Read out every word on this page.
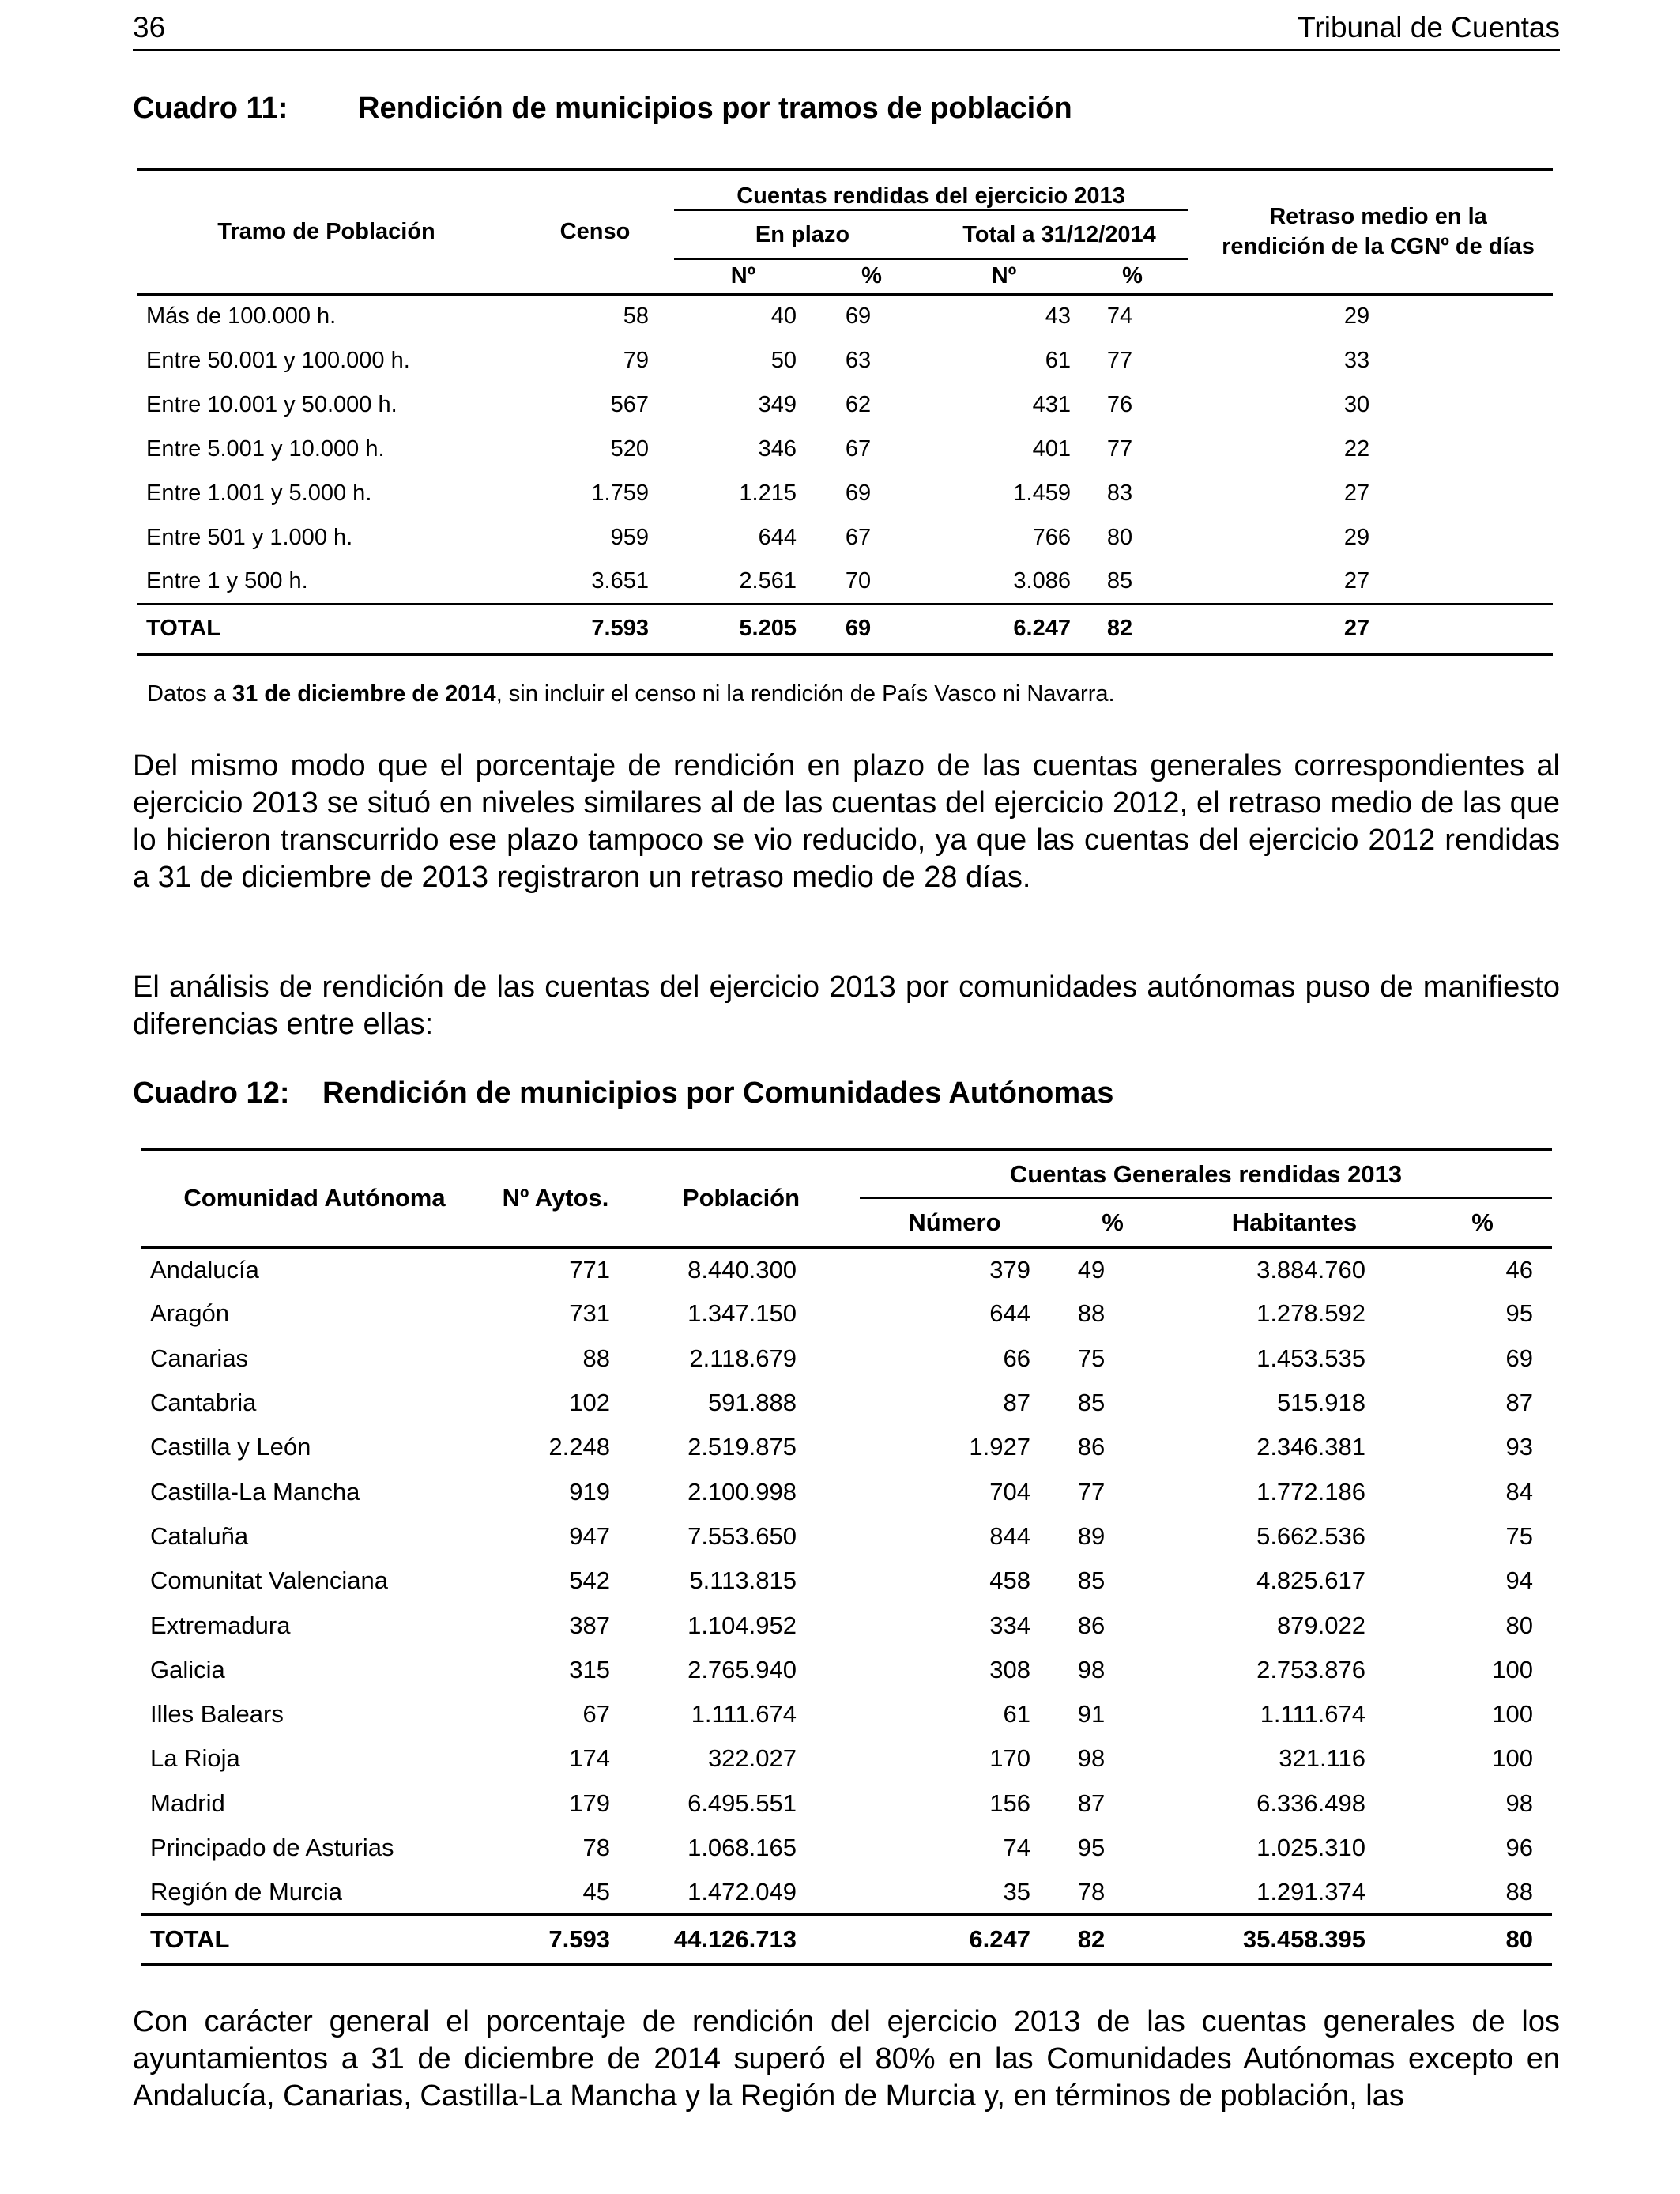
36	Tribunal de Cuentas
Cuadro 11: Rendición de municipios por tramos de población
Tramo de Población	Censo	Cuentas rendidas del ejercicio 2013				Retraso medio en la rendición de la CGNº de días
		En plazo		Total a 31/12/2014		
		Nº	%	Nº	%	
Más de 100.000 h.	58	40	69	43	74	29
Entre 50.001 y 100.000 h.	79	50	63	61	77	33
Entre 10.001 y 50.000 h.	567	349	62	431	76	30
Entre 5.001 y 10.000 h.	520	346	67	401	77	22
Entre 1.001 y 5.000 h.	1.759	1.215	69	1.459	83	27
Entre 501 y 1.000 h.	959	644	67	766	80	29
Entre 1 y 500 h.	3.651	2.561	70	3.086	85	27
TOTAL	7.593	5.205	69	6.247	82	27
Datos a 31 de diciembre de 2014, sin incluir el censo ni la rendición de País Vasco ni Navarra.

Del mismo modo que el porcentaje de rendición en plazo de las cuentas generales correspondientes al ejercicio 2013 se situó en niveles similares al de las cuentas del ejercicio 2012, el retraso medio de las que lo hicieron transcurrido ese plazo tampoco se vio reducido, ya que las cuentas del ejercicio 2012 rendidas a 31 de diciembre de 2013 registraron un retraso medio de 28 días.

El análisis de rendición de las cuentas del ejercicio 2013 por comunidades autónomas puso de manifiesto diferencias entre ellas:

Cuadro 12: Rendición de municipios por Comunidades Autónomas
Comunidad Autónoma	Nº Aytos.	Población	Cuentas Generales rendidas 2013			
			Número	%	Habitantes	%
Andalucía	771	8.440.300	379	49	3.884.760	46
Aragón	731	1.347.150	644	88	1.278.592	95
Canarias	88	2.118.679	66	75	1.453.535	69
Cantabria	102	591.888	87	85	515.918	87
Castilla y León	2.248	2.519.875	1.927	86	2.346.381	93
Castilla-La Mancha	919	2.100.998	704	77	1.772.186	84
Cataluña	947	7.553.650	844	89	5.662.536	75
Comunitat Valenciana	542	5.113.815	458	85	4.825.617	94
Extremadura	387	1.104.952	334	86	879.022	80
Galicia	315	2.765.940	308	98	2.753.876	100
Illes Balears	67	1.111.674	61	91	1.111.674	100
La Rioja	174	322.027	170	98	321.116	100
Madrid	179	6.495.551	156	87	6.336.498	98
Principado de Asturias	78	1.068.165	74	95	1.025.310	96
Región de Murcia	45	1.472.049	35	78	1.291.374	88
TOTAL	7.593	44.126.713	6.247	82	35.458.395	80

Con carácter general el porcentaje de rendición del ejercicio 2013 de las cuentas generales de los ayuntamientos a 31 de diciembre de 2014 superó el 80% en las Comunidades Autónomas excepto en Andalucía, Canarias, Castilla-La Mancha y la Región de Murcia y, en términos de población, las
